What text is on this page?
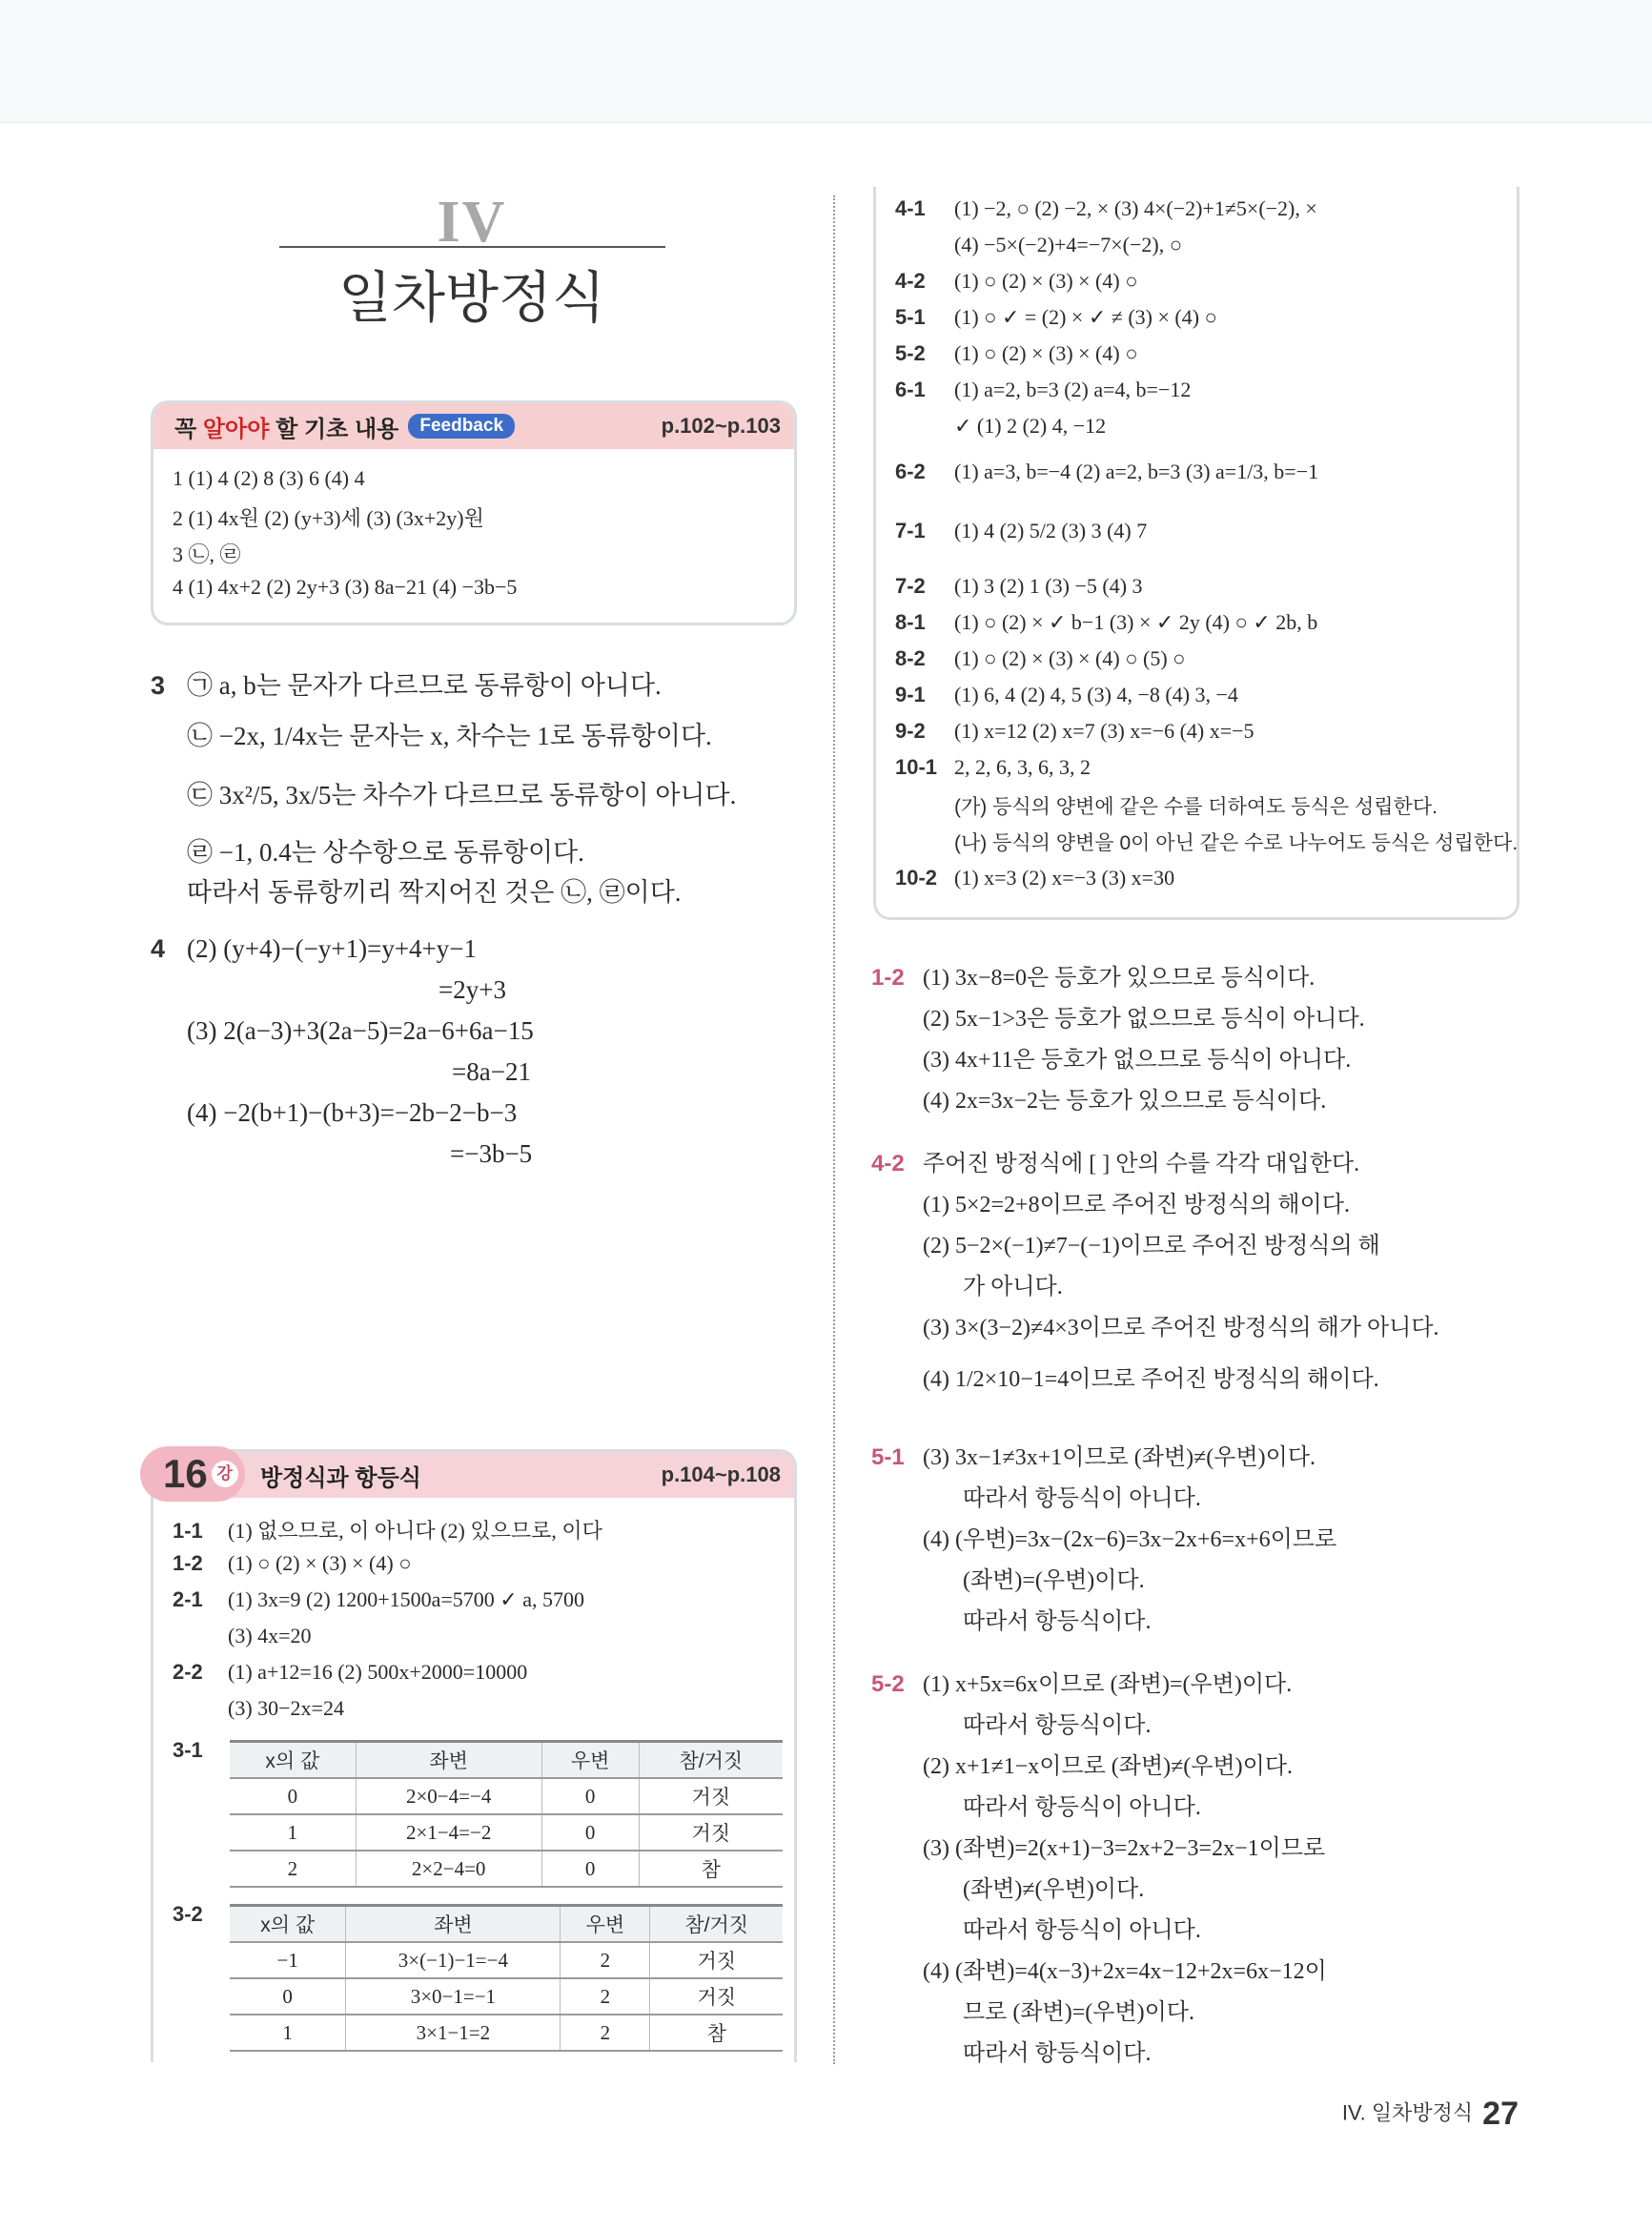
IV
일차방정식
꼭 알아야 할 기초 내용	Feedback	p.102~p.103
1 (1) 4 (2) 8 (3) 6 (4) 4
2 (1) 4x원 (2) (y+3)세 (3) (3x+2y)원
3 ㉡, ㉣
4 (1) 4x+2 (2) 2y+3 (3) 8a−21 (4) −3b−5
3 ㉠ a, b는 문자가 다르므로 동류항이 아니다.
㉡ −2x, 1/4x는 문자는 x, 차수는 1로 동류항이다.
㉢ 3x²/5, 3x/5는 차수가 다르므로 동류항이 아니다.
㉣ −1, 0.4는 상수항으로 동류항이다.
따라서 동류항끼리 짝지어진 것은 ㉡, ㉣이다.
4 (2) (y+4)−(−y+1)=y+4+y−1
=2y+3
(3) 2(a−3)+3(2a−5)=2a−6+6a−15
=8a−21
(4) −2(b+1)−(b+3)=−2b−2−b−3
=−3b−5
16 강 방정식과 항등식	p.104~p.108
1-1 (1) 없으므로, 이 아니다 (2) 있으므로, 이다
1-2 (1) ○ (2) × (3) × (4) ○
2-1 (1) 3x=9 (2) 1200+1500a=5700 ✓ a, 5700
(3) 4x=20
2-2 (1) a+12=16 (2) 500x+2000=10000
(3) 30−2x=24
3-1	x의 값	좌변	우변	참/거짓
0	2×0−4=−4	0	거짓
1	2×1−4=−2	0	거짓
2	2×2−4=0	0	참
3-2	x의 값	좌변	우변	참/거짓
−1	3×(−1)−1=−4	2	거짓
0	3×0−1=−1	2	거짓
1	3×1−1=2	2	참
4-1 (1) −2, ○ (2) −2, × (3) 4×(−2)+1≠5×(−2), ×
(4) −5×(−2)+4=−7×(−2), ○
4-2 (1) ○ (2) × (3) × (4) ○
5-1 (1) ○ ✓ = (2) × ✓ ≠ (3) × (4) ○
5-2 (1) ○ (2) × (3) × (4) ○
6-1 (1) a=2, b=3 (2) a=4, b=−12
✓ (1) 2 (2) 4, −12
6-2 (1) a=3, b=−4 (2) a=2, b=3 (3) a=1/3, b=−1
7-1 (1) 4 (2) 5/2 (3) 3 (4) 7
7-2 (1) 3 (2) 1 (3) −5 (4) 3
8-1 (1) ○ (2) × ✓ b−1 (3) × ✓ 2y (4) ○ ✓ 2b, b
8-2 (1) ○ (2) × (3) × (4) ○ (5) ○
9-1 (1) 6, 4 (2) 4, 5 (3) 4, −8 (4) 3, −4
9-2 (1) x=12 (2) x=7 (3) x=−6 (4) x=−5
10-1 2, 2, 6, 3, 6, 3, 2
(가) 등식의 양변에 같은 수를 더하여도 등식은 성립한다.
(나) 등식의 양변을 0이 아닌 같은 수로 나누어도 등식은 성립한다.
10-2 (1) x=3 (2) x=−3 (3) x=30
1-2 (1) 3x−8=0은 등호가 있으므로 등식이다.
(2) 5x−1>3은 등호가 없으므로 등식이 아니다.
(3) 4x+11은 등호가 없으므로 등식이 아니다.
(4) 2x=3x−2는 등호가 있으므로 등식이다.
4-2 주어진 방정식에 [ ] 안의 수를 각각 대입한다.
(1) 5×2=2+8이므로 주어진 방정식의 해이다.
(2) 5−2×(−1)≠7−(−1)이므로 주어진 방정식의 해
가 아니다.
(3) 3×(3−2)≠4×3이므로 주어진 방정식의 해가 아니다.
(4) 1/2×10−1=4이므로 주어진 방정식의 해이다.
5-1 (3) 3x−1≠3x+1이므로 (좌변)≠(우변)이다.
따라서 항등식이 아니다.
(4) (우변)=3x−(2x−6)=3x−2x+6=x+6이므로
(좌변)=(우변)이다.
따라서 항등식이다.
5-2 (1) x+5x=6x이므로 (좌변)=(우변)이다.
따라서 항등식이다.
(2) x+1≠1−x이므로 (좌변)≠(우변)이다.
따라서 항등식이 아니다.
(3) (좌변)=2(x+1)−3=2x+2−3=2x−1이므로
(좌변)≠(우변)이다.
따라서 항등식이 아니다.
(4) (좌변)=4(x−3)+2x=4x−12+2x=6x−12이
므로 (좌변)=(우변)이다.
따라서 항등식이다.
IV. 일차방정식 27
